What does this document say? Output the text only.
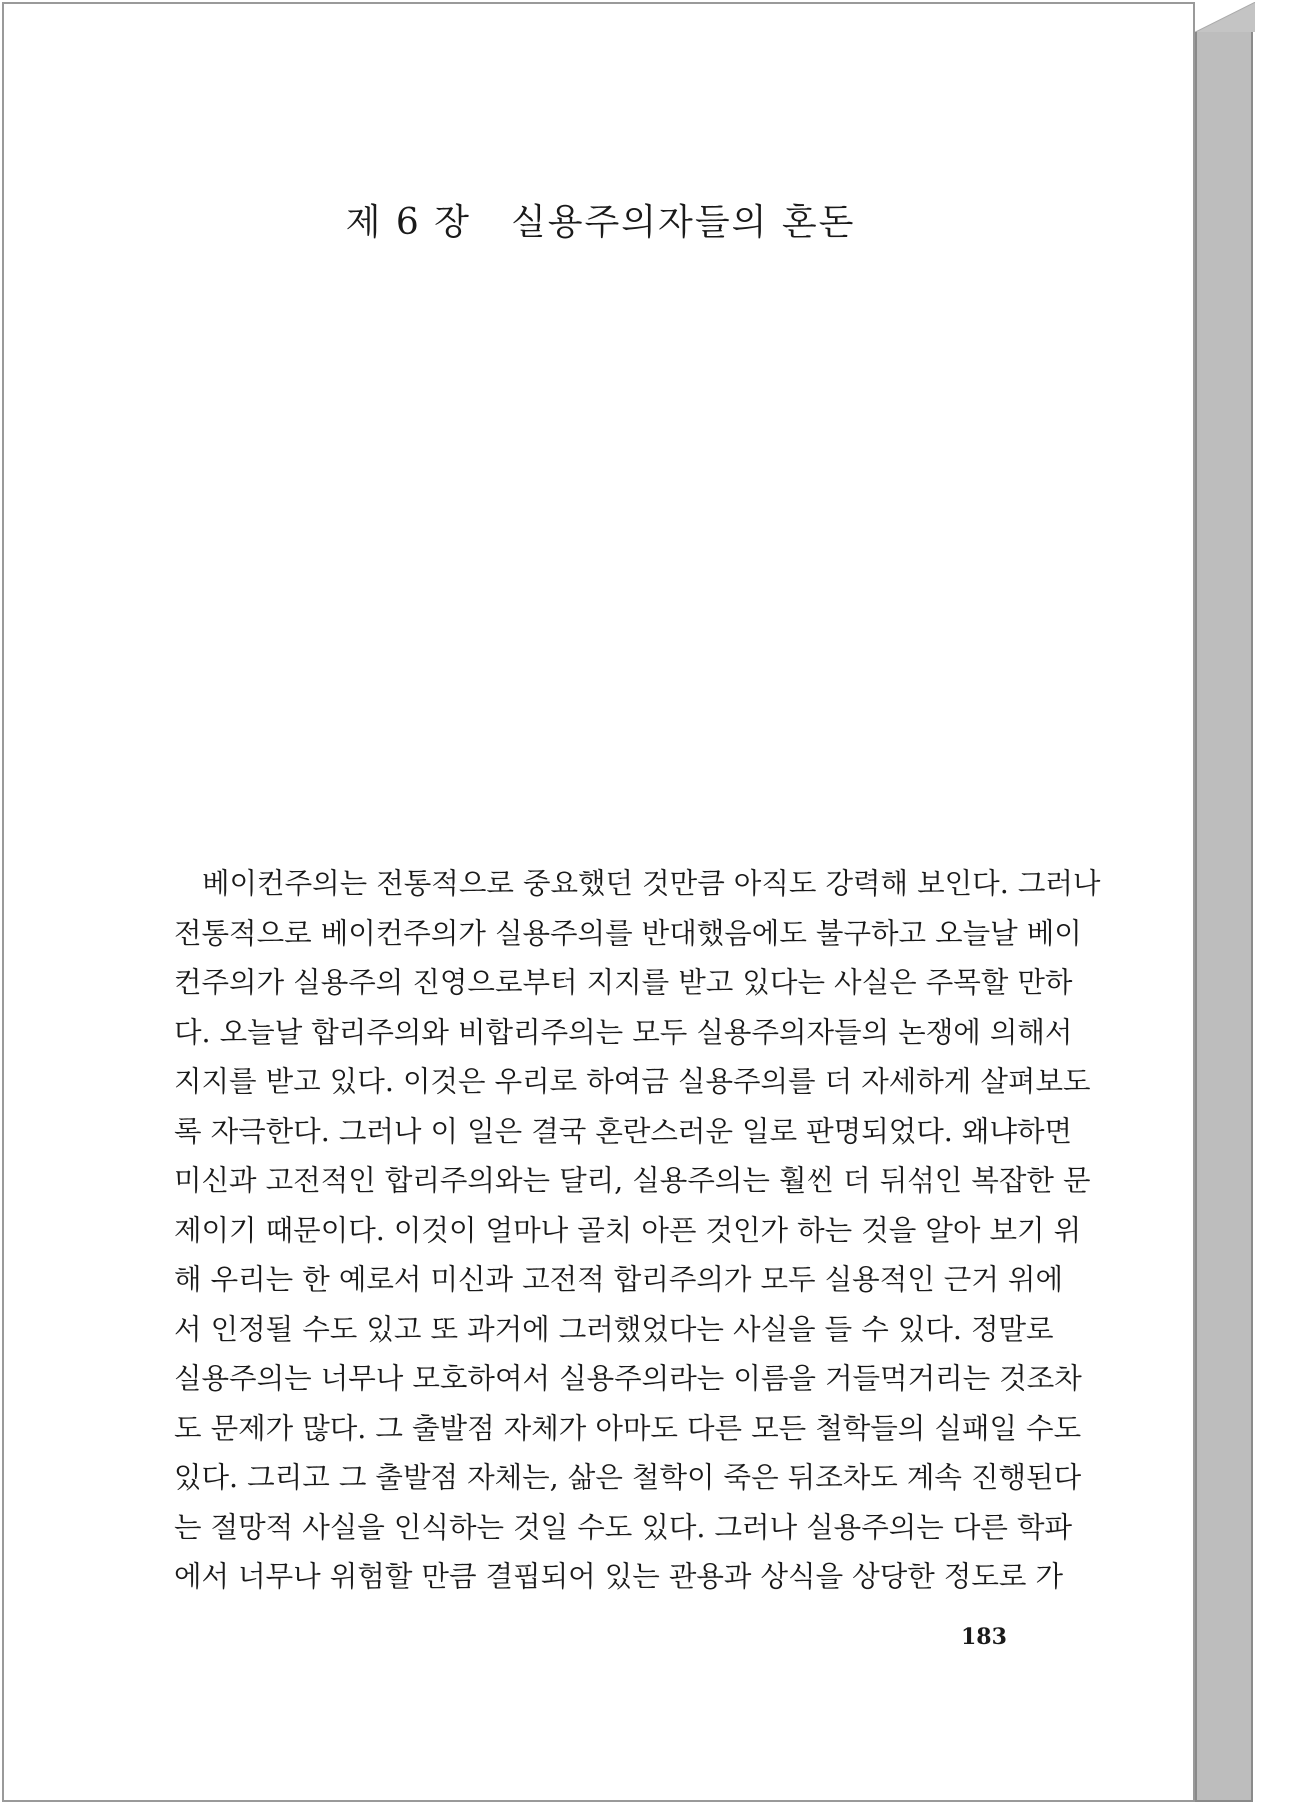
제 6 장 실용주의자들의 혼돈
베이컨주의는 전통적으로 중요했던 것만큼 아직도 강력해 보인다. 그러나
전통적으로 베이컨주의가 실용주의를 반대했음에도 불구하고 오늘날 베이
컨주의가 실용주의 진영으로부터 지지를 받고 있다는 사실은 주목할 만하
다. 오늘날 합리주의와 비합리주의는 모두 실용주의자들의 논쟁에 의해서
지지를 받고 있다. 이것은 우리로 하여금 실용주의를 더 자세하게 살펴보도
록 자극한다. 그러나 이 일은 결국 혼란스러운 일로 판명되었다. 왜냐하면
미신과 고전적인 합리주의와는 달리, 실용주의는 훨씬 더 뒤섞인 복잡한 문
제이기 때문이다. 이것이 얼마나 골치 아픈 것인가 하는 것을 알아 보기 위
해 우리는 한 예로서 미신과 고전적 합리주의가 모두 실용적인 근거 위에
서 인정될 수도 있고 또 과거에 그러했었다는 사실을 들 수 있다. 정말로
실용주의는 너무나 모호하여서 실용주의라는 이름을 거들먹거리는 것조차
도 문제가 많다. 그 출발점 자체가 아마도 다른 모든 철학들의 실패일 수도
있다. 그리고 그 출발점 자체는, 삶은 철학이 죽은 뒤조차도 계속 진행된다
는 절망적 사실을 인식하는 것일 수도 있다. 그러나 실용주의는 다른 학파
에서 너무나 위험할 만큼 결핍되어 있는 관용과 상식을 상당한 정도로 가

183
